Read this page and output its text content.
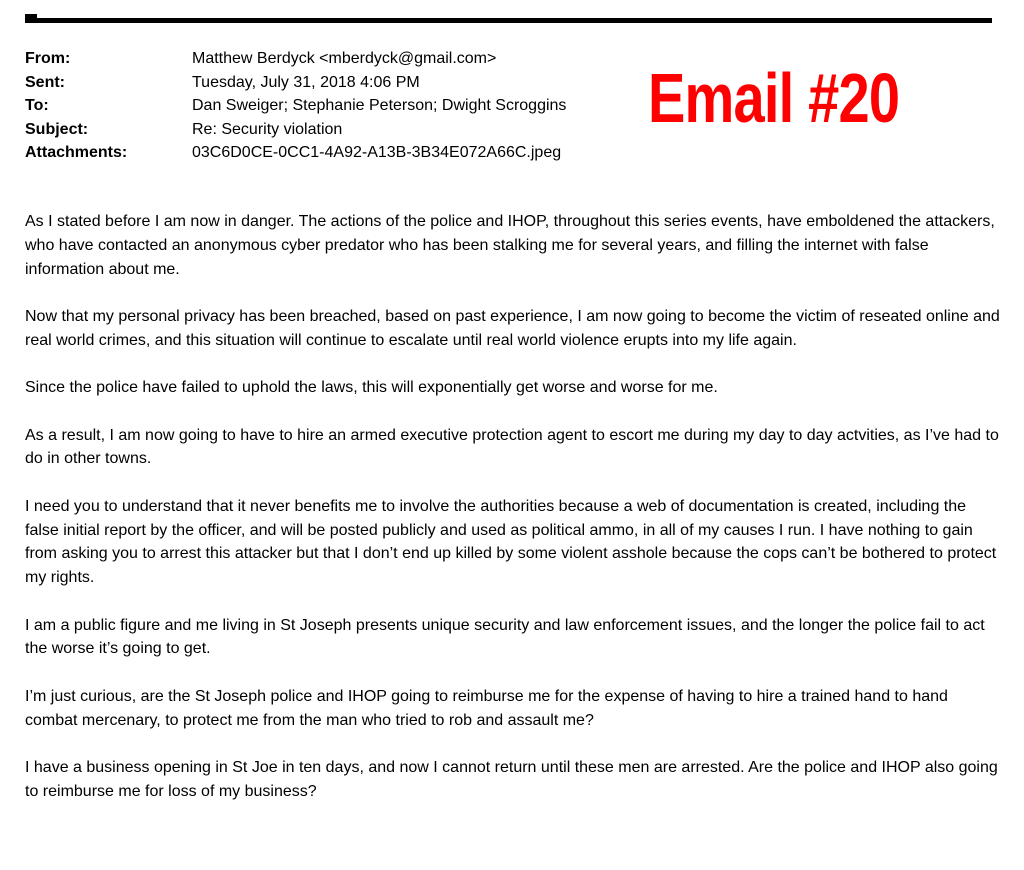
From:	Matthew Berdyck <mberdyck@gmail.com>
Sent:	Tuesday, July 31, 2018 4:06 PM
To:	Dan Sweiger; Stephanie Peterson; Dwight Scroggins
Subject:	Re: Security violation
Attachments:	03C6D0CE-0CC1-4A92-A13B-3B34E072A66C.jpeg
Email #20

As I stated before I am now in danger. The actions of the police and IHOP, throughout this series events, have emboldened the attackers, who have contacted an anonymous cyber predator who has been stalking me for several years, and filling the internet with false information about me.

Now that my personal privacy has been breached, based on past experience, I am now going to become the victim of reseated online and real world crimes, and this situation will continue to escalate until real world violence erupts into my life again.

Since the police have failed to uphold the laws, this will exponentially get worse and worse for me.

As a result, I am now going to have to hire an armed executive protection agent to escort me during my day to day actvities, as I’ve had to do in other towns.

I need you to understand that it never benefits me to involve the authorities because a web of documentation is created, including the false initial report by the officer, and will be posted publicly and used as political ammo, in all of my causes I run. I have nothing to gain from asking you to arrest this attacker but that I don’t end up killed by some violent asshole because the cops can’t be bothered to protect my rights.

I am a public figure and me living in St Joseph presents unique security and law enforcement issues, and the longer the police fail to act the worse it’s going to get.

I’m just curious, are the St Joseph police and IHOP going to reimburse me for the expense of having to hire a trained hand to hand combat mercenary, to protect me from the man who tried to rob and assault me?

I have a business opening in St Joe in ten days, and now I cannot return until these men are arrested. Are the police and IHOP also going to reimburse me for loss of my business?
